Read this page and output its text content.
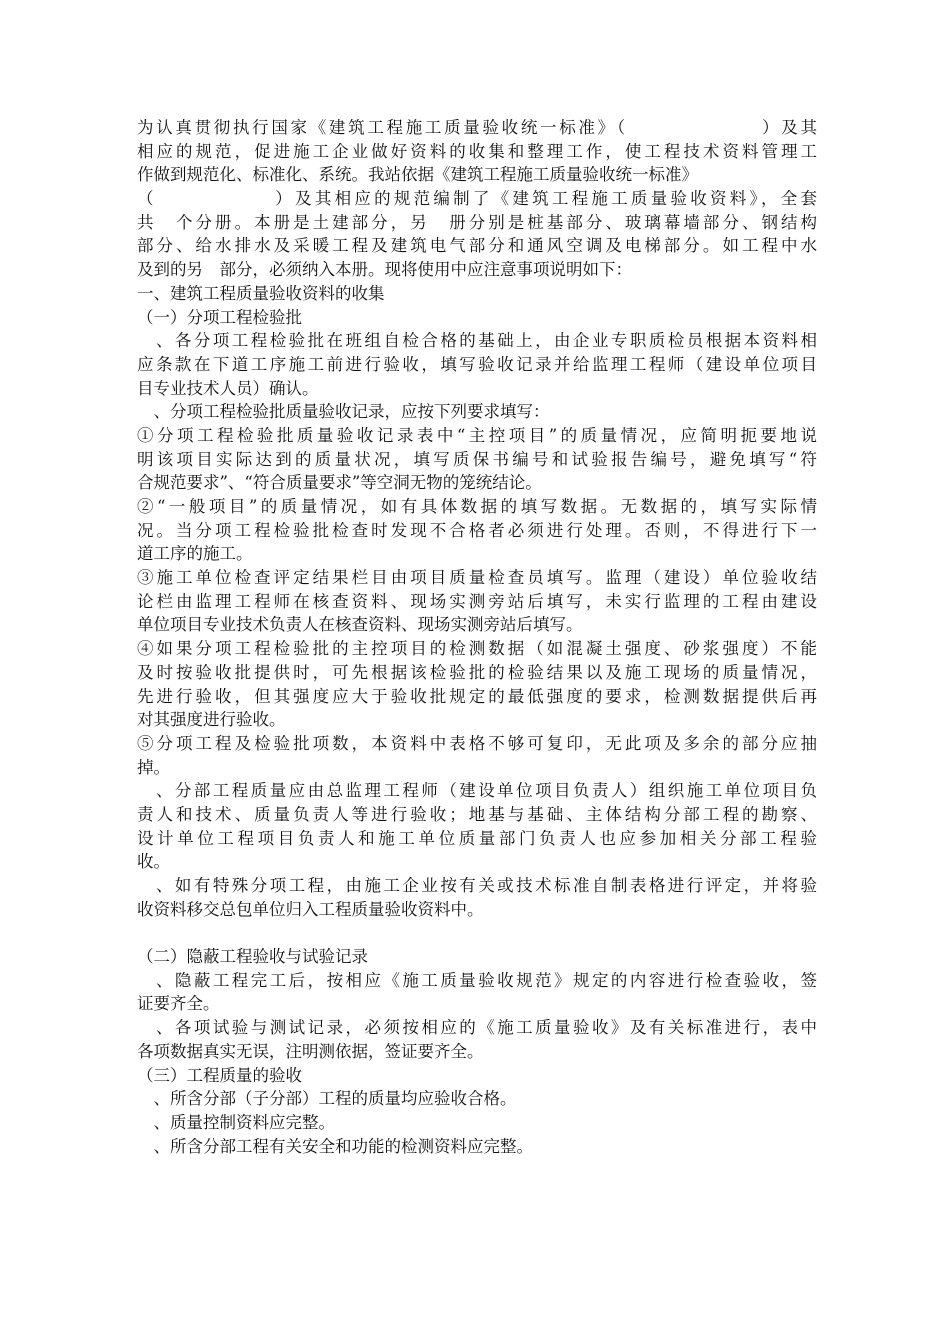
为认真贯彻执行国家《建筑工程施工质量验收统一标准》（　　　　　　　）及其
相应的规范，促进施工企业做好资料的收集和整理工作，使工程技术资料管理工
作做到规范化、标准化、系统。我站依据《建筑工程施工质量验收统一标准》
（　　　　　　）及其相应的规范编制了《建筑工程施工质量验收资料》，全套
共　个分册。本册是土建部分，另　册分别是桩基部分、玻璃幕墙部分、钢结构
部分、给水排水及采暖工程及建筑电气部分和通风空调及电梯部分。如工程中水
及到的另　部分，必须纳入本册。现将使用中应注意事项说明如下：
一、建筑工程质量验收资料的收集
（一）分项工程检验批
　、各分项工程检验批在班组自检合格的基础上，由企业专职质检员根据本资料相
应条款在下道工序施工前进行验收，填写验收记录并给监理工程师（建设单位项目
目专业技术人员）确认。
　、分项工程检验批质量验收记录，应按下列要求填写：
①分项工程检验批质量验收记录表中“主控项目”的质量情况，应简明扼要地说
明该项目实际达到的质量状况，填写质保书编号和试验报告编号，避免填写“符
合规范要求”、“符合质量要求”等空洞无物的笼统结论。
②“一般项目”的质量情况，如有具体数据的填写数据。无数据的，填写实际情
况。当分项工程检验批检查时发现不合格者必须进行处理。否则，不得进行下一
道工序的施工。
③施工单位检查评定结果栏目由项目质量检查员填写。监理（建设）单位验收结
论栏由监理工程师在核查资料、现场实测旁站后填写，未实行监理的工程由建设
单位项目专业技术负责人在核查资料、现场实测旁站后填写。
④如果分项工程检验批的主控项目的检测数据（如混凝土强度、砂浆强度）不能
及时按验收批提供时，可先根据该检验批的检验结果以及施工现场的质量情况，
先进行验收，但其强度应大于验收批规定的最低强度的要求，检测数据提供后再
对其强度进行验收。
⑤分项工程及检验批项数，本资料中表格不够可复印，无此项及多余的部分应抽
掉。
　、分部工程质量应由总监理工程师（建设单位项目负责人）组织施工单位项目负
责人和技术、质量负责人等进行验收；地基与基础、主体结构分部工程的勘察、
设计单位工程项目负责人和施工单位质量部门负责人也应参加相关分部工程验
收。
　、如有特殊分项工程，由施工企业按有关或技术标准自制表格进行评定，并将验
收资料移交总包单位归入工程质量验收资料中。
（二）隐蔽工程验收与试验记录
　、隐蔽工程完工后，按相应《施工质量验收规范》规定的内容进行检查验收，签
证要齐全。
　、各项试验与测试记录，必须按相应的《施工质量验收》及有关标准进行，表中
各项数据真实无误，注明测依据，签证要齐全。
（三）工程质量的验收
　、所含分部（子分部）工程的质量均应验收合格。
　、质量控制资料应完整。
　、所含分部工程有关安全和功能的检测资料应完整。
